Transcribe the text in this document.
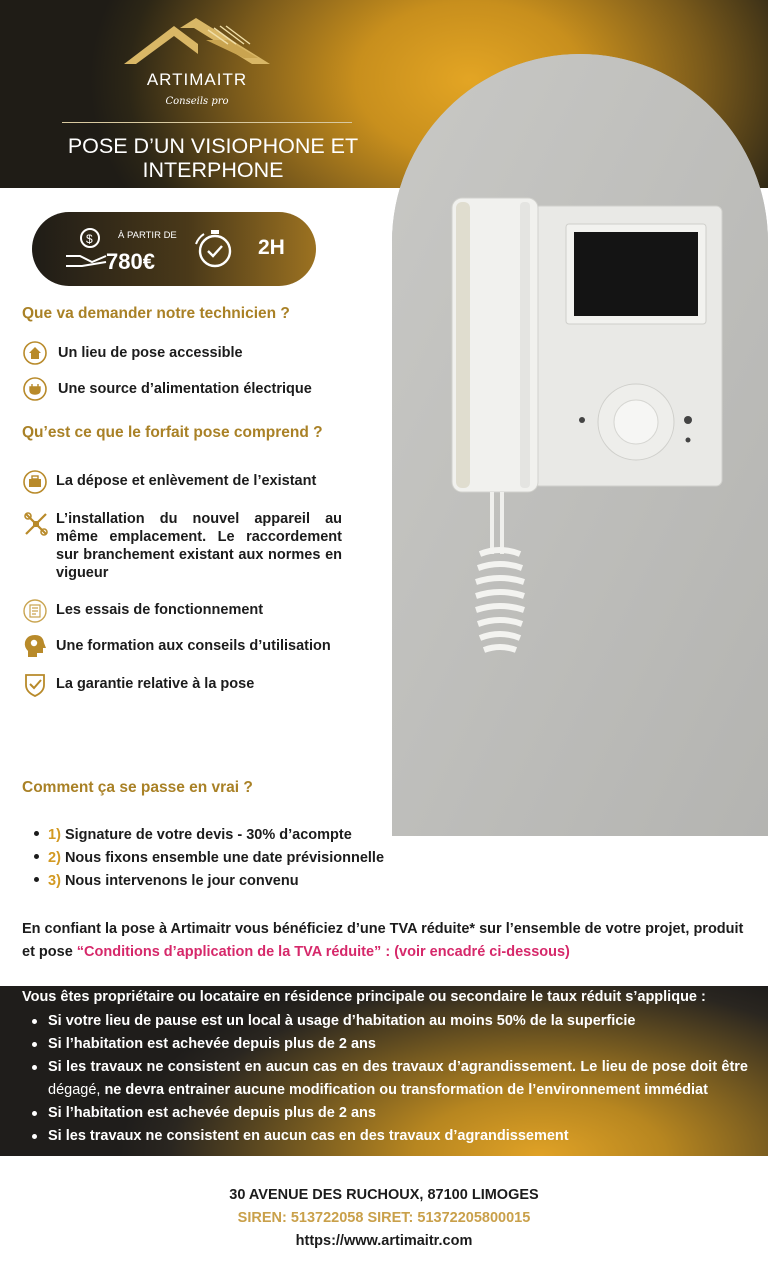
ARTIMAITR
Conseils pro
POSE D’UN VISIOPHONE ET INTERPHONE
$	À PARTIR DE
780€
2H
Que va demander notre technicien ?
Un lieu de pose accessible
Une source d’alimentation électrique
Qu’est ce que le forfait pose comprend ?
La dépose et enlèvement de l’existant
L’installation du nouvel appareil au même emplacement. Le raccordement sur branchement existant aux normes en vigueur
Les essais de fonctionnement
Une formation aux conseils d’utilisation
La garantie relative à la pose
Comment ça se passe en vrai ?
1) Signature de votre devis - 30% d’acompte
2) Nous fixons ensemble une date prévisionnelle
3) Nous intervenons le jour convenu
En confiant la pose à Artimaitr vous bénéficiez d’une TVA réduite* sur l’ensemble de votre projet, produit et pose “Conditions d’application de la TVA réduite” : (voir encadré ci-dessous)
Vous êtes propriétaire ou locataire en résidence principale ou secondaire le taux réduit s’applique :
Si votre lieu de pause est un local à usage d’habitation au moins 50% de la superficie
Si l’habitation est achevée depuis plus de 2 ans
Si les travaux ne consistent en aucun cas en des travaux d’agrandissement. Le lieu de pose doit être dégagé, ne devra entrainer aucune modification ou transformation de l’environnement immédiat
Si l’habitation est achevée depuis plus de 2 ans
Si les travaux ne consistent en aucun cas en des travaux d’agrandissement
30 AVENUE DES RUCHOUX, 87100 LIMOGES
SIREN: 513722058 SIRET: 51372205800015
https://www.artimaitr.com
